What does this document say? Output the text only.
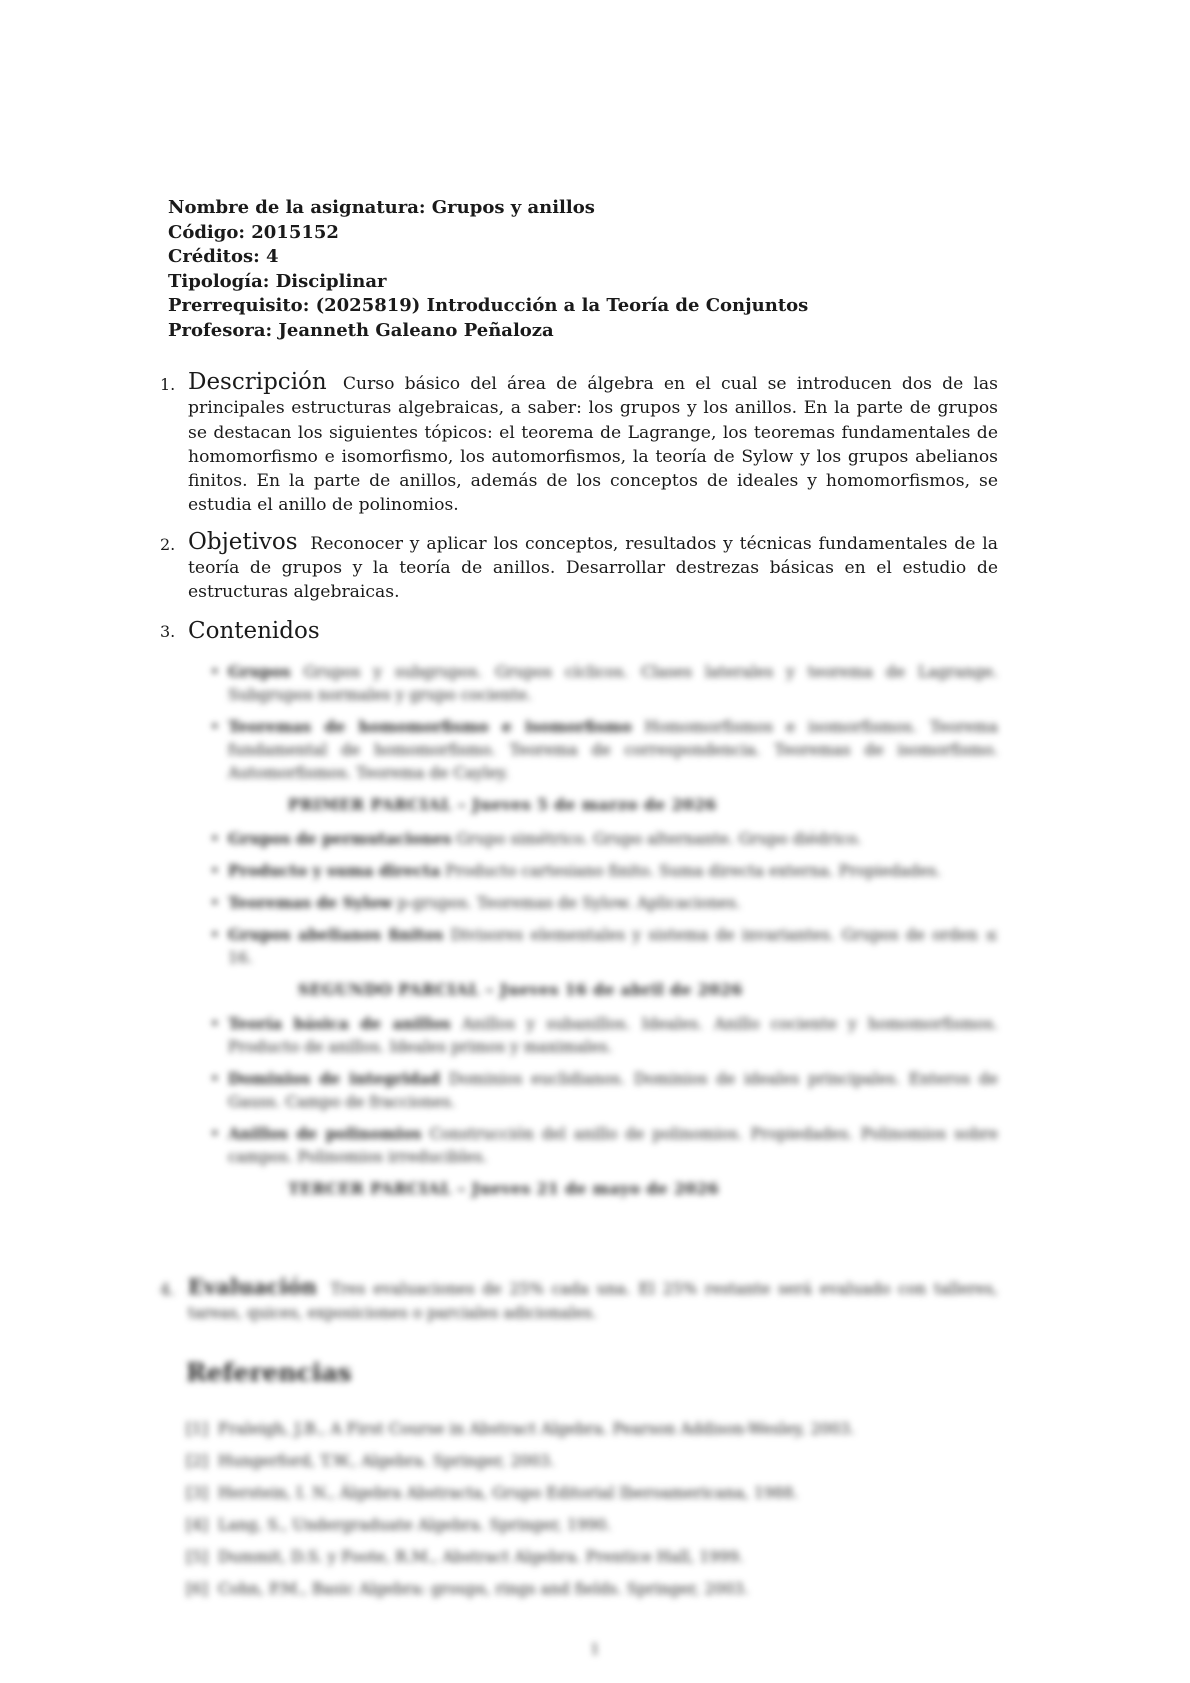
Nombre de la asignatura: Grupos y anillos
Código: 2015152
Créditos: 4
Tipología: Disciplinar
Prerrequisito: (2025819) Introducción a la Teoría de Conjuntos
Profesora: Jeanneth Galeano Peñaloza
1. Descripción Curso básico del área de álgebra en el cual se introducen dos de las principales estructuras algebraicas, a saber: los grupos y los anillos. En la parte de grupos se destacan los siguientes tópicos: el teorema de Lagrange, los teoremas fundamentales de homomorfismo e isomorfismo, los automorfismos, la teoría de Sylow y los grupos abelianos finitos. En la parte de anillos, además de los conceptos de ideales y homomorfismos, se estudia el anillo de polinomios.
2. Objetivos Reconocer y aplicar los conceptos, resultados y técnicas fundamentales de la teoría de grupos y la teoría de anillos. Desarrollar destrezas básicas en el estudio de estructuras algebraicas.
3. Contenidos
• Grupos Grupos y subgrupos. Grupos cíclicos. Clases laterales y teorema de Lagrange. Subgrupos normales y grupo cociente.
• Teoremas de homomorfismo e isomorfismo Homomorfismos e isomorfismos. Teorema fundamental de homomorfismo. Teorema de correspondencia. Teoremas de isomorfismo. Automorfismos. Teorema de Cayley.
PRIMER PARCIAL – Jueves 5 de marzo de 2026
• Grupos de permutaciones Grupo simétrico. Grupo alternante. Grupo diédrico.
• Producto y suma directa Producto cartesiano finito. Suma directa externa. Propiedades.
• Teoremas de Sylow p-grupos. Teoremas de Sylow. Aplicaciones.
• Grupos abelianos finitos Divisores elementales y sistema de invariantes. Grupos de orden ≤ 16.
SEGUNDO PARCIAL – Jueves 16 de abril de 2026
• Teoría básica de anillos Anillos y subanillos. Ideales. Anillo cociente y homomorfismos. Producto de anillos. Ideales primos y maximales.
• Dominios de integridad Dominios euclidianos. Dominios de ideales principales. Enteros de Gauss. Campo de fracciones.
• Anillos de polinomios Construcción del anillo de polinomios. Propiedades. Polinomios sobre campos. Polinomios irreducibles.
TERCER PARCIAL – Jueves 21 de mayo de 2026
4. Evaluación Tres evaluaciones de 25% cada una. El 25% restante será evaluado con talleres, tareas, quices, exposiciones o parciales adicionales.
Referencias
[1] Fraleigh, J.B., A First Course in Abstract Algebra. Pearson Addison-Wesley, 2003.
[2] Hungerford, T.W., Algebra. Springer, 2003.
[3] Herstein, I. N., Álgebra Abstracta, Grupo Editorial Iberoamericana, 1988.
[4] Lang, S., Undergraduate Algebra. Springer, 1990.
[5] Dummit, D.S. y Foote, R.M., Abstract Algebra. Prentice Hall, 1999.
[6] Cohn, P.M., Basic Algebra: groups, rings and fields. Springer, 2003.
1
